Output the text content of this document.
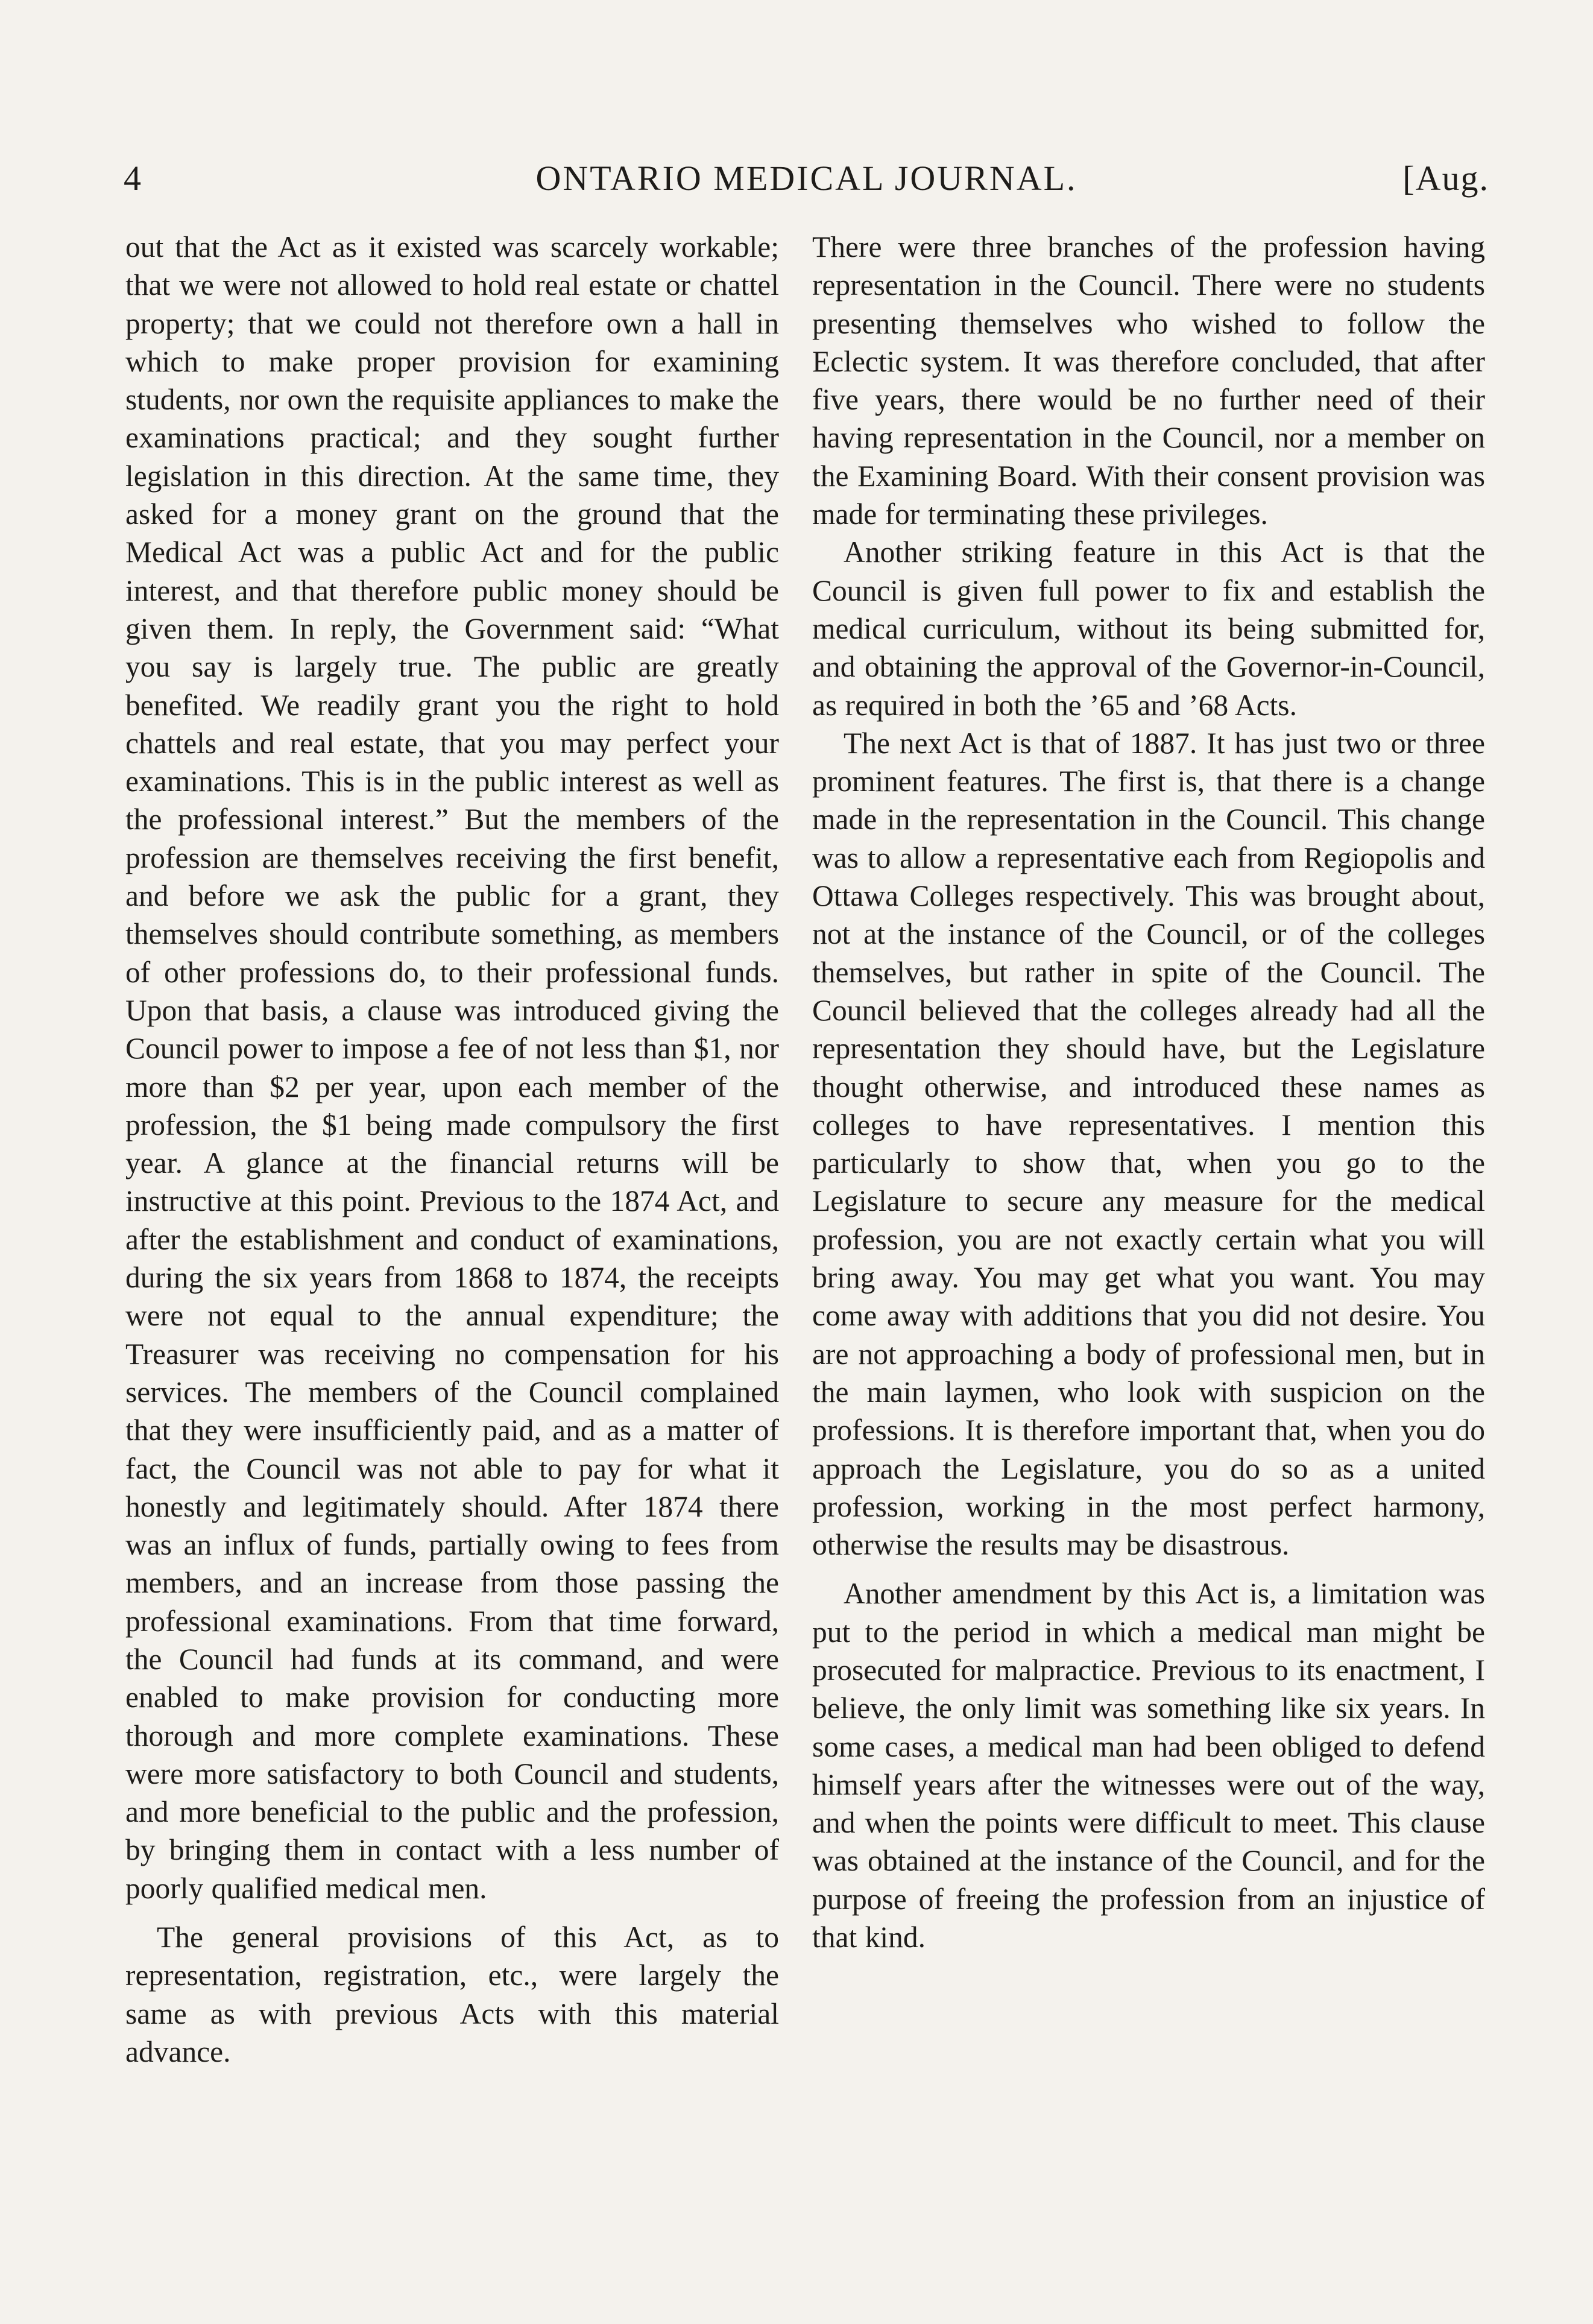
4	ONTARIO MEDICAL JOURNAL.	[Aug.

out that the Act as it existed was scarcely workable; that we were not allowed to hold real estate or chattel property; that we could not therefore own a hall in which to make proper provision for examining students, nor own the requisite appliances to make the examinations practical; and they sought further legislation in this direction. At the same time, they asked for a money grant on the ground that the Medical Act was a public Act and for the public interest, and that therefore public money should be given them. In reply, the Government said: “What you say is largely true. The public are greatly benefited. We readily grant you the right to hold chattels and real estate, that you may perfect your examinations. This is in the public interest as well as the professional interest.” But the members of the profession are themselves receiving the first benefit, and before we ask the public for a grant, they themselves should contribute something, as members of other professions do, to their professional funds. Upon that basis, a clause was introduced giving the Council power to impose a fee of not less than $1, nor more than $2 per year, upon each member of the profession, the $1 being made compulsory the first year. A glance at the financial returns will be instructive at this point. Previous to the 1874 Act, and after the establishment and conduct of examinations, during the six years from 1868 to 1874, the receipts were not equal to the annual expenditure; the Treasurer was receiving no compensation for his services. The members of the Council complained that they were insufficiently paid, and as a matter of fact, the Council was not able to pay for what it honestly and legitimately should. After 1874 there was an influx of funds, partially owing to fees from members, and an increase from those passing the professional examinations. From that time forward, the Council had funds at its command, and were enabled to make provision for conducting more thorough and more complete examinations. These were more satisfactory to both Council and students, and more beneficial to the public and the profession, by bringing them in contact with a less number of poorly qualified medical men.

The general provisions of this Act, as to representation, registration, etc., were largely the same as with previous Acts with this material advance.

There were three branches of the profession having representation in the Council. There were no students presenting themselves who wished to follow the Eclectic system. It was therefore concluded, that after five years, there would be no further need of their having representation in the Council, nor a member on the Examining Board. With their consent provision was made for terminating these privileges.

Another striking feature in this Act is that the Council is given full power to fix and establish the medical curriculum, without its being submitted for, and obtaining the approval of the Governor-in-Council, as required in both the ’65 and ’68 Acts.

The next Act is that of 1887. It has just two or three prominent features. The first is, that there is a change made in the representation in the Council. This change was to allow a representative each from Regiopolis and Ottawa Colleges respectively. This was brought about, not at the instance of the Council, or of the colleges themselves, but rather in spite of the Council. The Council believed that the colleges already had all the representation they should have, but the Legislature thought otherwise, and introduced these names as colleges to have representatives. I mention this particularly to show that, when you go to the Legislature to secure any measure for the medical profession, you are not exactly certain what you will bring away. You may get what you want. You may come away with additions that you did not desire. You are not approaching a body of professional men, but in the main laymen, who look with suspicion on the professions. It is therefore important that, when you do approach the Legislature, you do so as a united profession, working in the most perfect harmony, otherwise the results may be disastrous.

Another amendment by this Act is, a limitation was put to the period in which a medical man might be prosecuted for malpractice. Previous to its enactment, I believe, the only limit was something like six years. In some cases, a medical man had been obliged to defend himself years after the witnesses were out of the way, and when the points were difficult to meet. This clause was obtained at the instance of the Council, and for the purpose of freeing the profession from an injustice of that kind.
